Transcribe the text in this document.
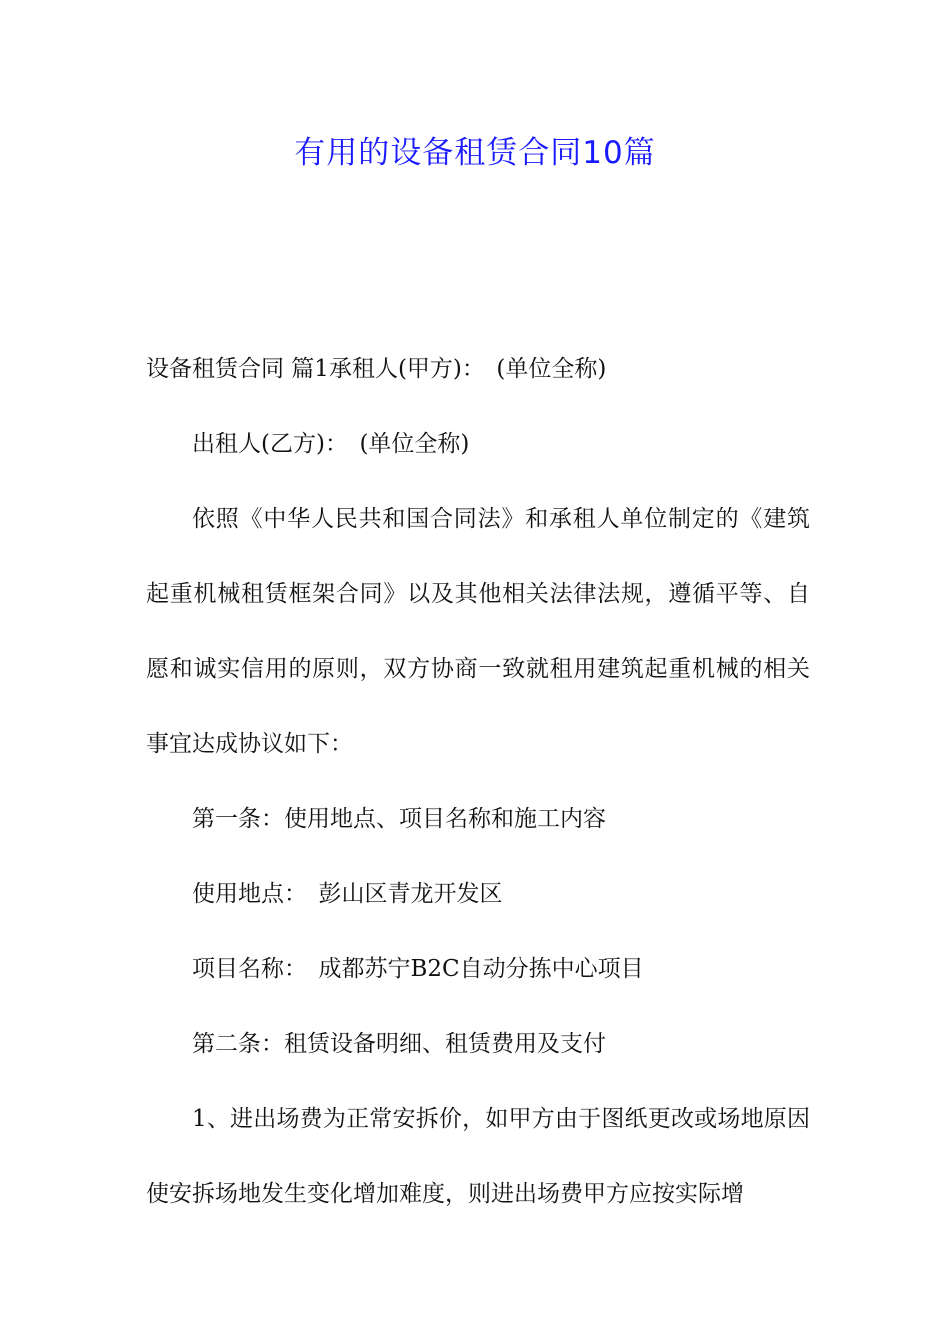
有用的设备租赁合同10篇

设备租赁合同 篇1承租人(甲方)：　(单位全称)

出租人(乙方)：　(单位全称)

依照《中华人民共和国合同法》和承租人单位制定的《建筑起重机械租赁框架合同》以及其他相关法律法规，遵循平等、自愿和诚实信用的原则，双方协商一致就租用建筑起重机械的相关事宜达成协议如下：

第一条：使用地点、项目名称和施工内容

使用地点：　彭山区青龙开发区

项目名称：　成都苏宁B2C自动分拣中心项目

第二条：租赁设备明细、租赁费用及支付

1、进出场费为正常安拆价，如甲方由于图纸更改或场地原因使安拆场地发生变化增加难度，则进出场费甲方应按实际增
